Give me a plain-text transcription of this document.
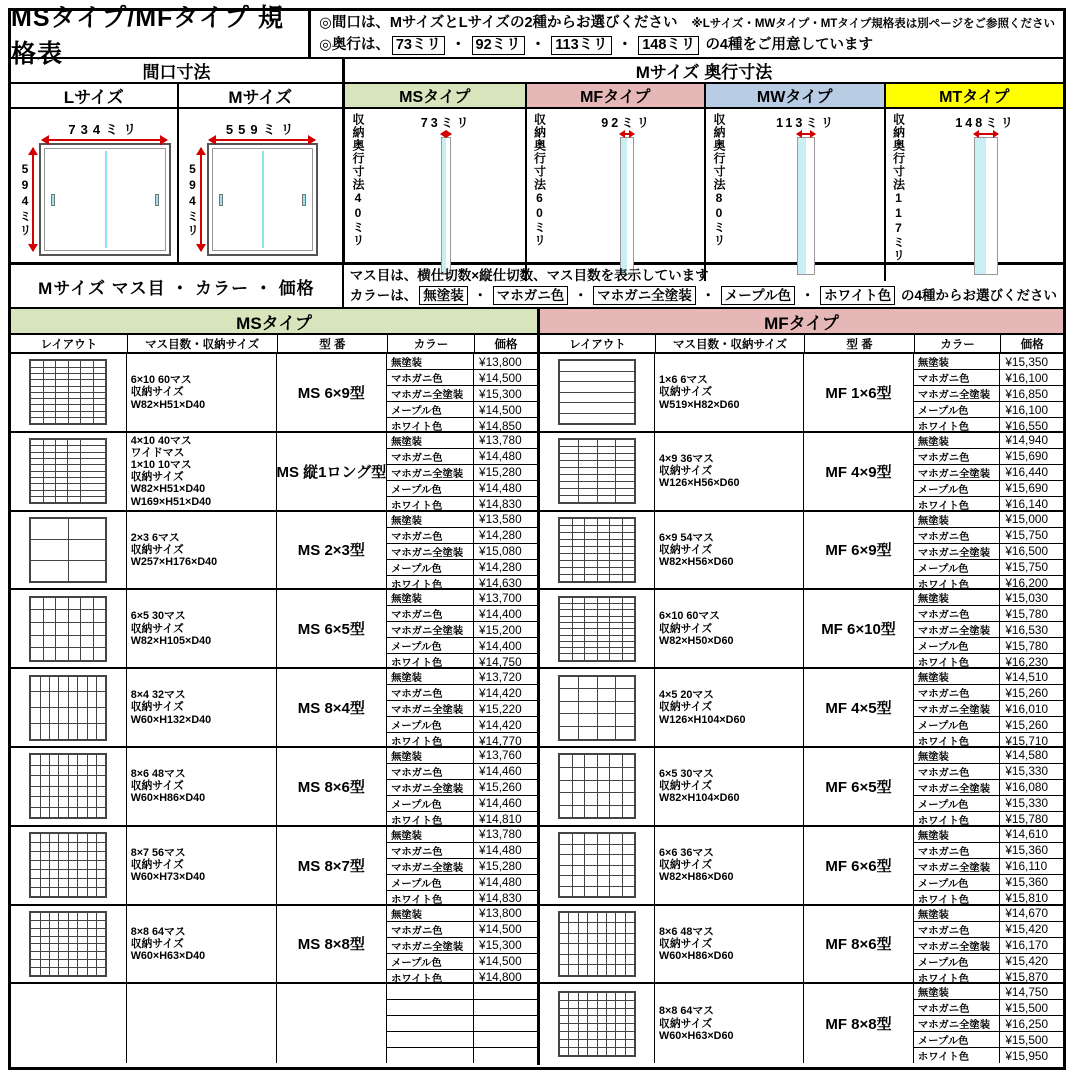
MSタイプ/MFタイプ 規格表
◎間口は、MサイズとLサイズの2種からお選びください ※Lサイズ・MWタイプ・MTタイプ規格表は別ページをご参照ください
◎奥行は、 73ミリ ・ 92ミリ ・ 113ミリ ・ 148ミリ の4種をご用意しています
間口寸法
Lサイズ	Mサイズ
734ミリ
594ミリ
559ミリ
594ミリ
Mサイズ 奥行寸法
MSタイプ
収納奥行寸法40ミリ	73ミリ
MFタイプ
収納奥行寸法60ミリ	92ミリ
MWタイプ
収納奥行寸法80ミリ	113ミリ
MTタイプ
収納奥行寸法117ミリ	148ミリ
Mサイズ マス目 ・ カラー ・ 価格
マス目は、横仕切数×縦仕切数、マス目数を表示しています
カラーは、 無塗装 ・ マホガニ色 ・ マホガニ全塗装 ・ メープル色 ・ ホワイト色 の4種からお選びください
MSタイプ
レイアウト	マス目数・収納サイズ	型 番	カラー	価格
6×10 60マス
収納サイズ
W82×H51×D40
MS 6×9型
無塗装	¥13,800
マホガニ色	¥14,500
マホガニ全塗装	¥15,300
メープル色	¥14,500
ホワイト色	¥14,850
4×10 40マス
ワイドマス
1×10 10マス
収納サイズ
W82×H51×D40
W169×H51×D40
MS 縦1ロング型
無塗装	¥13,780
マホガニ色	¥14,480
マホガニ全塗装	¥15,280
メープル色	¥14,480
ホワイト色	¥14,830
2×3 6マス
収納サイズ
W257×H176×D40
MS 2×3型
無塗装	¥13,580
マホガニ色	¥14,280
マホガニ全塗装	¥15,080
メープル色	¥14,280
ホワイト色	¥14,630
6×5 30マス
収納サイズ
W82×H105×D40
MS 6×5型
無塗装	¥13,700
マホガニ色	¥14,400
マホガニ全塗装	¥15,200
メープル色	¥14,400
ホワイト色	¥14,750
8×4 32マス
収納サイズ
W60×H132×D40
MS 8×4型
無塗装	¥13,720
マホガニ色	¥14,420
マホガニ全塗装	¥15,220
メープル色	¥14,420
ホワイト色	¥14,770
8×6 48マス
収納サイズ
W60×H86×D40
MS 8×6型
無塗装	¥13,760
マホガニ色	¥14,460
マホガニ全塗装	¥15,260
メープル色	¥14,460
ホワイト色	¥14,810
8×7 56マス
収納サイズ
W60×H73×D40
MS 8×7型
無塗装	¥13,780
マホガニ色	¥14,480
マホガニ全塗装	¥15,280
メープル色	¥14,480
ホワイト色	¥14,830
8×8 64マス
収納サイズ
W60×H63×D40
MS 8×8型
無塗装	¥13,800
マホガニ色	¥14,500
マホガニ全塗装	¥15,300
メープル色	¥14,500
ホワイト色	¥14,800
MFタイプ
レイアウト	マス目数・収納サイズ	型 番	カラー	価格
1×6 6マス
収納サイズ
W519×H82×D60
MF 1×6型
無塗装	¥15,350
マホガニ色	¥16,100
マホガニ全塗装	¥16,850
メープル色	¥16,100
ホワイト色	¥16,550
4×9 36マス
収納サイズ
W126×H56×D60
MF 4×9型
無塗装	¥14,940
マホガニ色	¥15,690
マホガニ全塗装	¥16,440
メープル色	¥15,690
ホワイト色	¥16,140
6×9 54マス
収納サイズ
W82×H56×D60
MF 6×9型
無塗装	¥15,000
マホガニ色	¥15,750
マホガニ全塗装	¥16,500
メープル色	¥15,750
ホワイト色	¥16,200
6×10 60マス
収納サイズ
W82×H50×D60
MF 6×10型
無塗装	¥15,030
マホガニ色	¥15,780
マホガニ全塗装	¥16,530
メープル色	¥15,780
ホワイト色	¥16,230
4×5 20マス
収納サイズ
W126×H104×D60
MF 4×5型
無塗装	¥14,510
マホガニ色	¥15,260
マホガニ全塗装	¥16,010
メープル色	¥15,260
ホワイト色	¥15,710
6×5 30マス
収納サイズ
W82×H104×D60
MF 6×5型
無塗装	¥14,580
マホガニ色	¥15,330
マホガニ全塗装	¥16,080
メープル色	¥15,330
ホワイト色	¥15,780
6×6 36マス
収納サイズ
W82×H86×D60
MF 6×6型
無塗装	¥14,610
マホガニ色	¥15,360
マホガニ全塗装	¥16,110
メープル色	¥15,360
ホワイト色	¥15,810
8×6 48マス
収納サイズ
W60×H86×D60
MF 8×6型
無塗装	¥14,670
マホガニ色	¥15,420
マホガニ全塗装	¥16,170
メープル色	¥15,420
ホワイト色	¥15,870
8×8 64マス
収納サイズ
W60×H63×D60
MF 8×8型
無塗装	¥14,750
マホガニ色	¥15,500
マホガニ全塗装	¥16,250
メープル色	¥15,500
ホワイト色	¥15,950
